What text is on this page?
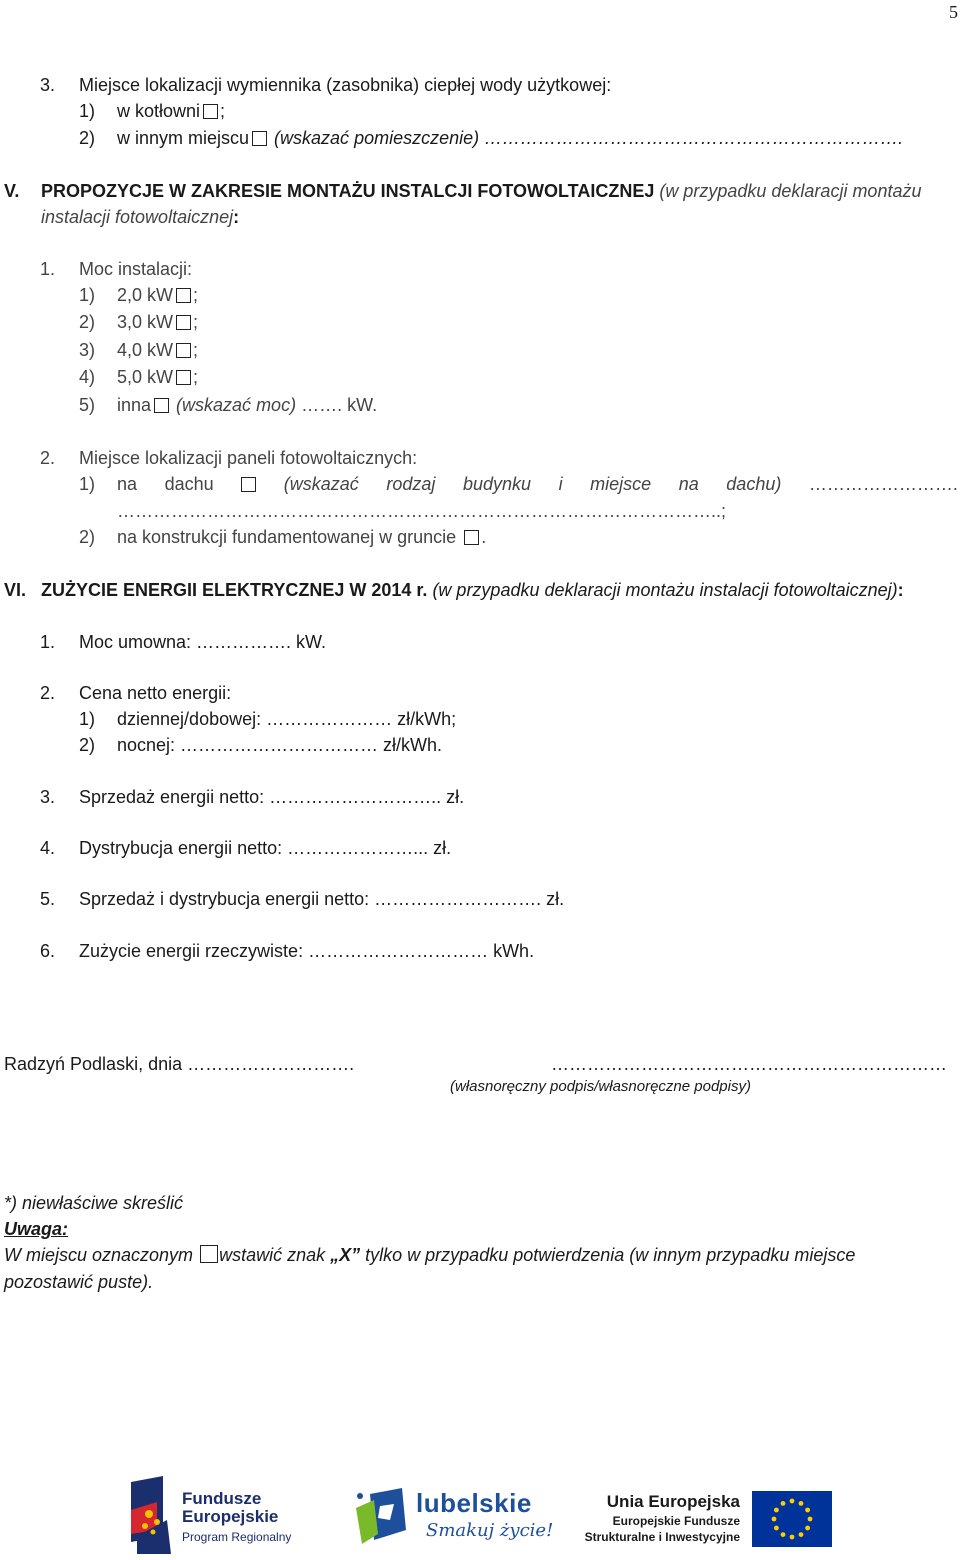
5
3. Miejsce lokalizacji wymiennika (zasobnika) ciepłej wody użytkowej:
1) w kotłowni ;
2) w innym miejscu (wskazać pomieszczenie) …………………………………………………………….
V. PROPOZYCJE W ZAKRESIE MONTAŻU INSTALCJI FOTOWOLTAICZNEJ (w przypadku deklaracji montażu
instalacji fotowoltaicznej:
1. Moc instalacji:
1) 2,0 kW ;
2) 3,0 kW ;
3) 4,0 kW ;
4) 5,0 kW ;
5) inna (wskazać moc) ……. kW.
2. Miejsce lokalizacji paneli fotowoltaicznych:
1) na dachu	(wskazać rodzaj budynku i miejsce na dachu) …………………….
………………………………………………………………………………………..;
2) na konstrukcji fundamentowanej w gruncie .
VI. ZUŻYCIE ENERGII ELEKTRYCZNEJ W 2014 r. (w przypadku deklaracji montażu instalacji fotowoltaicznej):
1. Moc umowna: ……………. kW.
2. Cena netto energii:
1) dziennej/dobowej: ………………… zł/kWh;
2) nocnej: …………………………… zł/kWh.
3. Sprzedaż energii netto: ……………………….. zł.
4. Dystrybucja energii netto: …………………... zł.
5. Sprzedaż i dystrybucja energii netto: ………………………. zł.
6. Zużycie energii rzeczywiste: ………………………… kWh.
Radzyń Podlaski, dnia ……………………….	…………………………………………………………
(własnoręczny podpis/własnoręczne podpisy)
*) niewłaściwe skreślić
Uwaga:
W miejscu oznaczonym wstawić znak „X” tylko w przypadku potwierdzenia (w innym przypadku miejsce
pozostawić puste).
Fundusze
Europejskie
Program Regionalny
lubelskie
Smakuj życie!
Unia Europejska
Europejskie Fundusze
Strukturalne i Inwestycyjne
